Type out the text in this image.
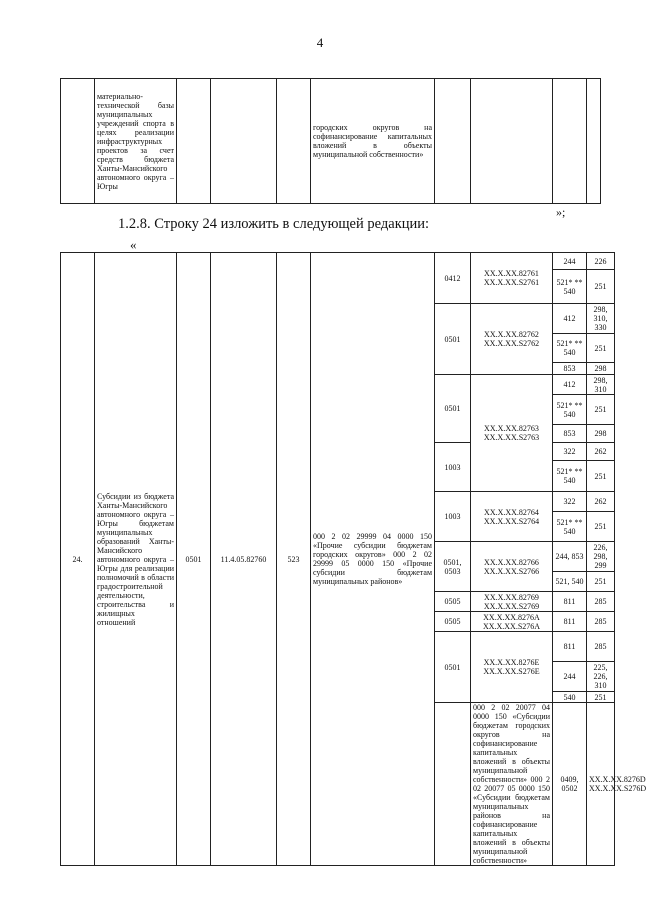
4
	материально-технической базы муниципальных учреждений спорта в целях реализации инфраструктурных проектов за счет средств бюджета Ханты-Мансийского автономного округа – Югры				городских округов на софинансирование капитальных вложений в объекты муниципальной собственности»				
»;
1.2.8. Строку 24 изложить в следующей редакции:
«
24.	Субсидии из бюджета Ханты-Мансийского автономного округа – Югры бюджетам муниципальных образований Ханты-Мансийского автономного округа – Югры для реализации полномочий в области градостроительной деятельности, строительства и жилищных отношений	0501	11.4.05.82760	523	000 2 02 29999 04 0000 150 «Прочие субсидии бюджетам городских округов» 000 2 02 29999 05 0000 150 «Прочие субсидии бюджетам муниципальных районов»	0412	ХХ.Х.ХХ.82761 ХХ.Х.ХХ.S2761	244	226	
								521* ** 540	251	
						0501	ХХ.Х.ХХ.82762 ХХ.Х.ХХ.S2762	412	298, 310, 330	
								521* ** 540	251	
								853	298	
						0501	ХХ.Х.ХХ.82763 ХХ.Х.ХХ.S2763	412	298, 310	
								521* ** 540	251	
								853	298	
						1003		322	262	
								521* ** 540	251	
						1003	ХХ.Х.ХХ.82764 ХХ.Х.ХХ.S2764	322	262	
								521* ** 540	251	
						0501, 0503	ХХ.Х.ХХ.82766 ХХ.Х.ХХ.S2766	244, 853	226, 298, 299	
								521, 540	251	
						0505	ХХ.Х.ХХ.82769 ХХ.Х.ХХ.S2769	811	285	
						0505	ХХ.Х.ХХ.8276А ХХ.Х.ХХ.S276А	811	285	
						0501	ХХ.Х.ХХ.8276Е ХХ.Х.ХХ.S276Е	811	285	
								244	225, 226, 310	
								540	251	
							000 2 02 20077 04 0000 150 «Субсидии бюджетам городских округов на софинансирование капитальных вложений в объекты муниципальной собственности» 000 2 02 20077 05 0000 150 «Субсидии бюджетам муниципальных районов на софинансирование капитальных вложений в объекты муниципальной собственности»	0409, 0502	ХХ.Х.ХХ.8276D ХХ.Х.ХХ.S276D		
